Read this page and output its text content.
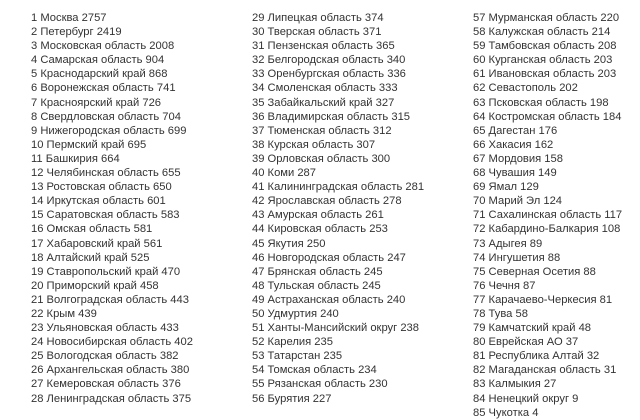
1 Москва 2757
2 Петербург 2419
3 Московская область 2008
4 Самарская область 904
5 Краснодарский край 868
6 Воронежская область 741
7 Красноярский край 726
8 Свердловская область 704
9 Нижегородская область 699
10 Пермский край 695
11 Башкирия 664
12 Челябинская область 655
13 Ростовская область 650
14 Иркутская область 601
15 Саратовская область 583
16 Омская область 581
17 Хабаровский край 561
18 Алтайский край 525
19 Ставропольский край 470
20 Приморский край 458
21 Волгоградская область 443
22 Крым 439
23 Ульяновская область 433
24 Новосибирская область 402
25 Вологодская область 382
26 Архангельская область 380
27 Кемеровская область 376
28 Ленинградская область 375
29 Липецкая область 374
30 Тверская область 371
31 Пензенская область 365
32 Белгородская область 340
33 Оренбургская область 336
34 Смоленская область 333
35 Забайкальский край 327
36 Владимирская область 315
37 Тюменская область 312
38 Курская область 307
39 Орловская область 300
40 Коми 287
41 Калининградская область 281
42 Ярославская область 278
43 Амурская область 261
44 Кировская область 253
45 Якутия 250
46 Новгородская область 247
47 Брянская область 245
48 Тульская область 245
49 Астраханская область 240
50 Удмуртия 240
51 Ханты-Мансийский округ 238
52 Карелия 235
53 Татарстан 235
54 Томская область 234
55 Рязанская область 230
56 Бурятия 227
57 Мурманская область 220
58 Калужская область 214
59 Тамбовская область 208
60 Курганская область 203
61 Ивановская область 203
62 Севастополь 202
63 Псковская область 198
64 Костромская область 184
65 Дагестан 176
66 Хакасия 162
67 Мордовия 158
68 Чувашия 149
69 Ямал 129
70 Марий Эл 124
71 Сахалинская область 117
72 Кабардино-Балкария 108
73 Адыгея 89
74 Ингушетия 88
75 Северная Осетия 88
76 Чечня 87
77 Карачаево-Черкесия 81
78 Тува 58
79 Камчатский край 48
80 Еврейская АО 37
81 Республика Алтай 32
82 Магаданская область 31
83 Калмыкия 27
84 Ненецкий округ 9
85 Чукотка 4
